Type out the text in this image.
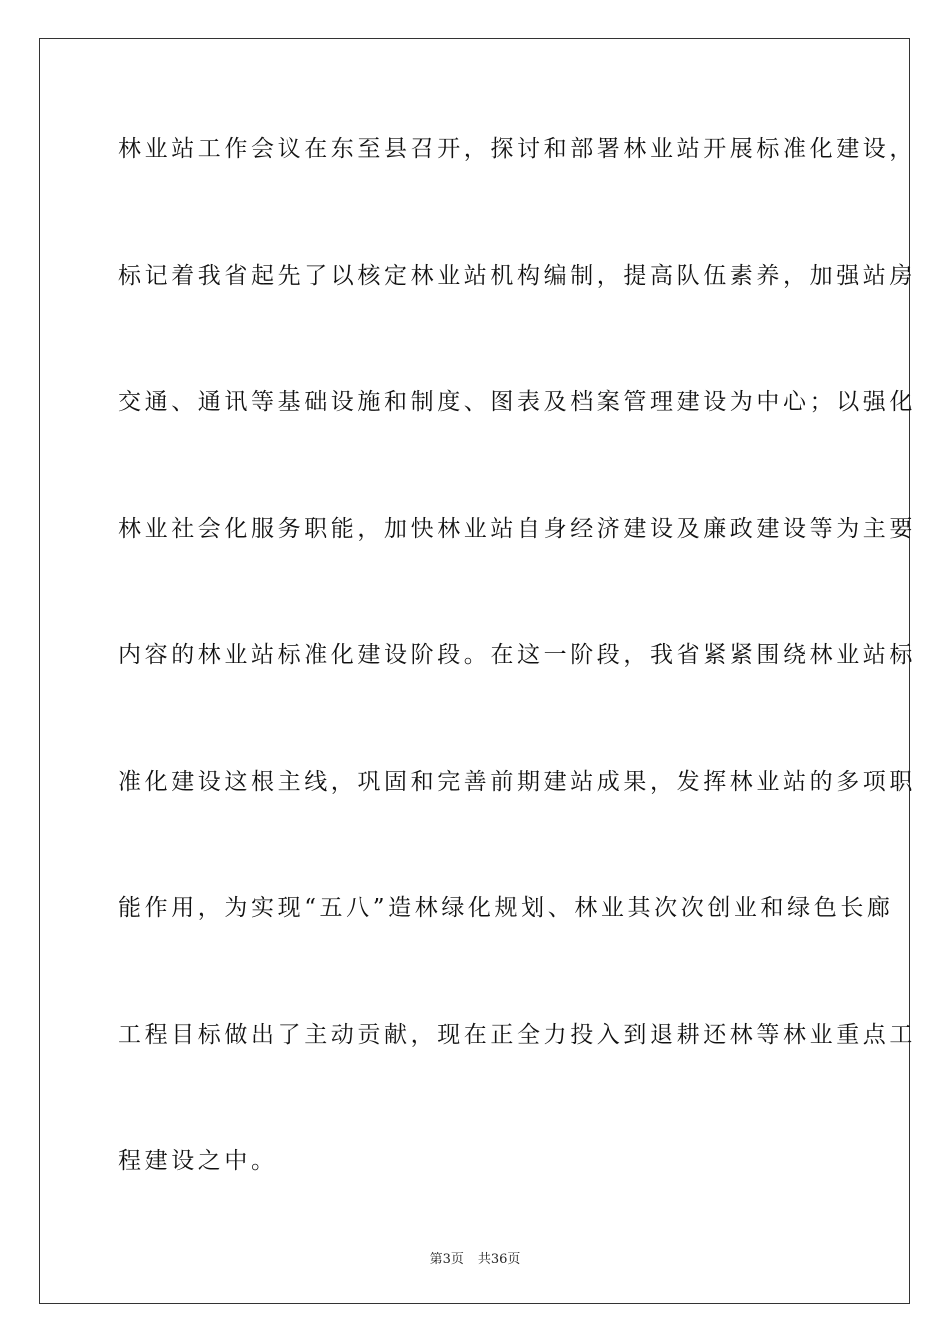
林业站工作会议在东至县召开，探讨和部署林业站开展标准化建设，
标记着我省起先了以核定林业站机构编制，提高队伍素养，加强站房
交通、通讯等基础设施和制度、图表及档案管理建设为中心；以强化
林业社会化服务职能，加快林业站自身经济建设及廉政建设等为主要
内容的林业站标准化建设阶段。在这一阶段，我省紧紧围绕林业站标
准化建设这根主线，巩固和完善前期建站成果，发挥林业站的多项职
能作用，为实现“五八”造林绿化规划、林业其次次创业和绿色长廊
工程目标做出了主动贡献，现在正全力投入到退耕还林等林业重点工
程建设之中。
第3页 共36页
